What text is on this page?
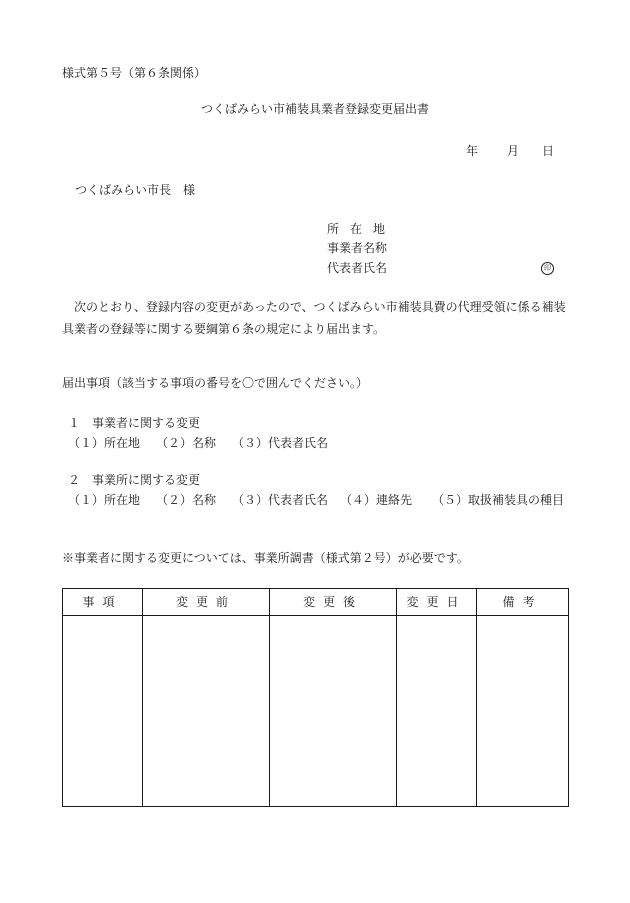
様式第５号（第６条関係）
つくばみらい市補装具業者登録変更届出書
年 月 日
つくばみらい市長　様
所在地
事業者名称
代表者氏名	印
次のとおり、登録内容の変更があったので、つくばみらい市補装具費の代理受領に係る補装具業者の登録等に関する要綱第６条の規定により届出ます。
届出事項（該当する事項の番号を〇で囲んでください。）
１　事業者に関する変更
（１）所在地 （２）名称 （３）代表者氏名
２　事業所に関する変更
（１）所在地 （２）名称 （３）代表者氏名 （４）連絡先 （５）取扱補装具の種目
※事業者に関する変更については、事業所調書（様式第２号）が必要です。
事項	変更前	変更後	変更日	備考
